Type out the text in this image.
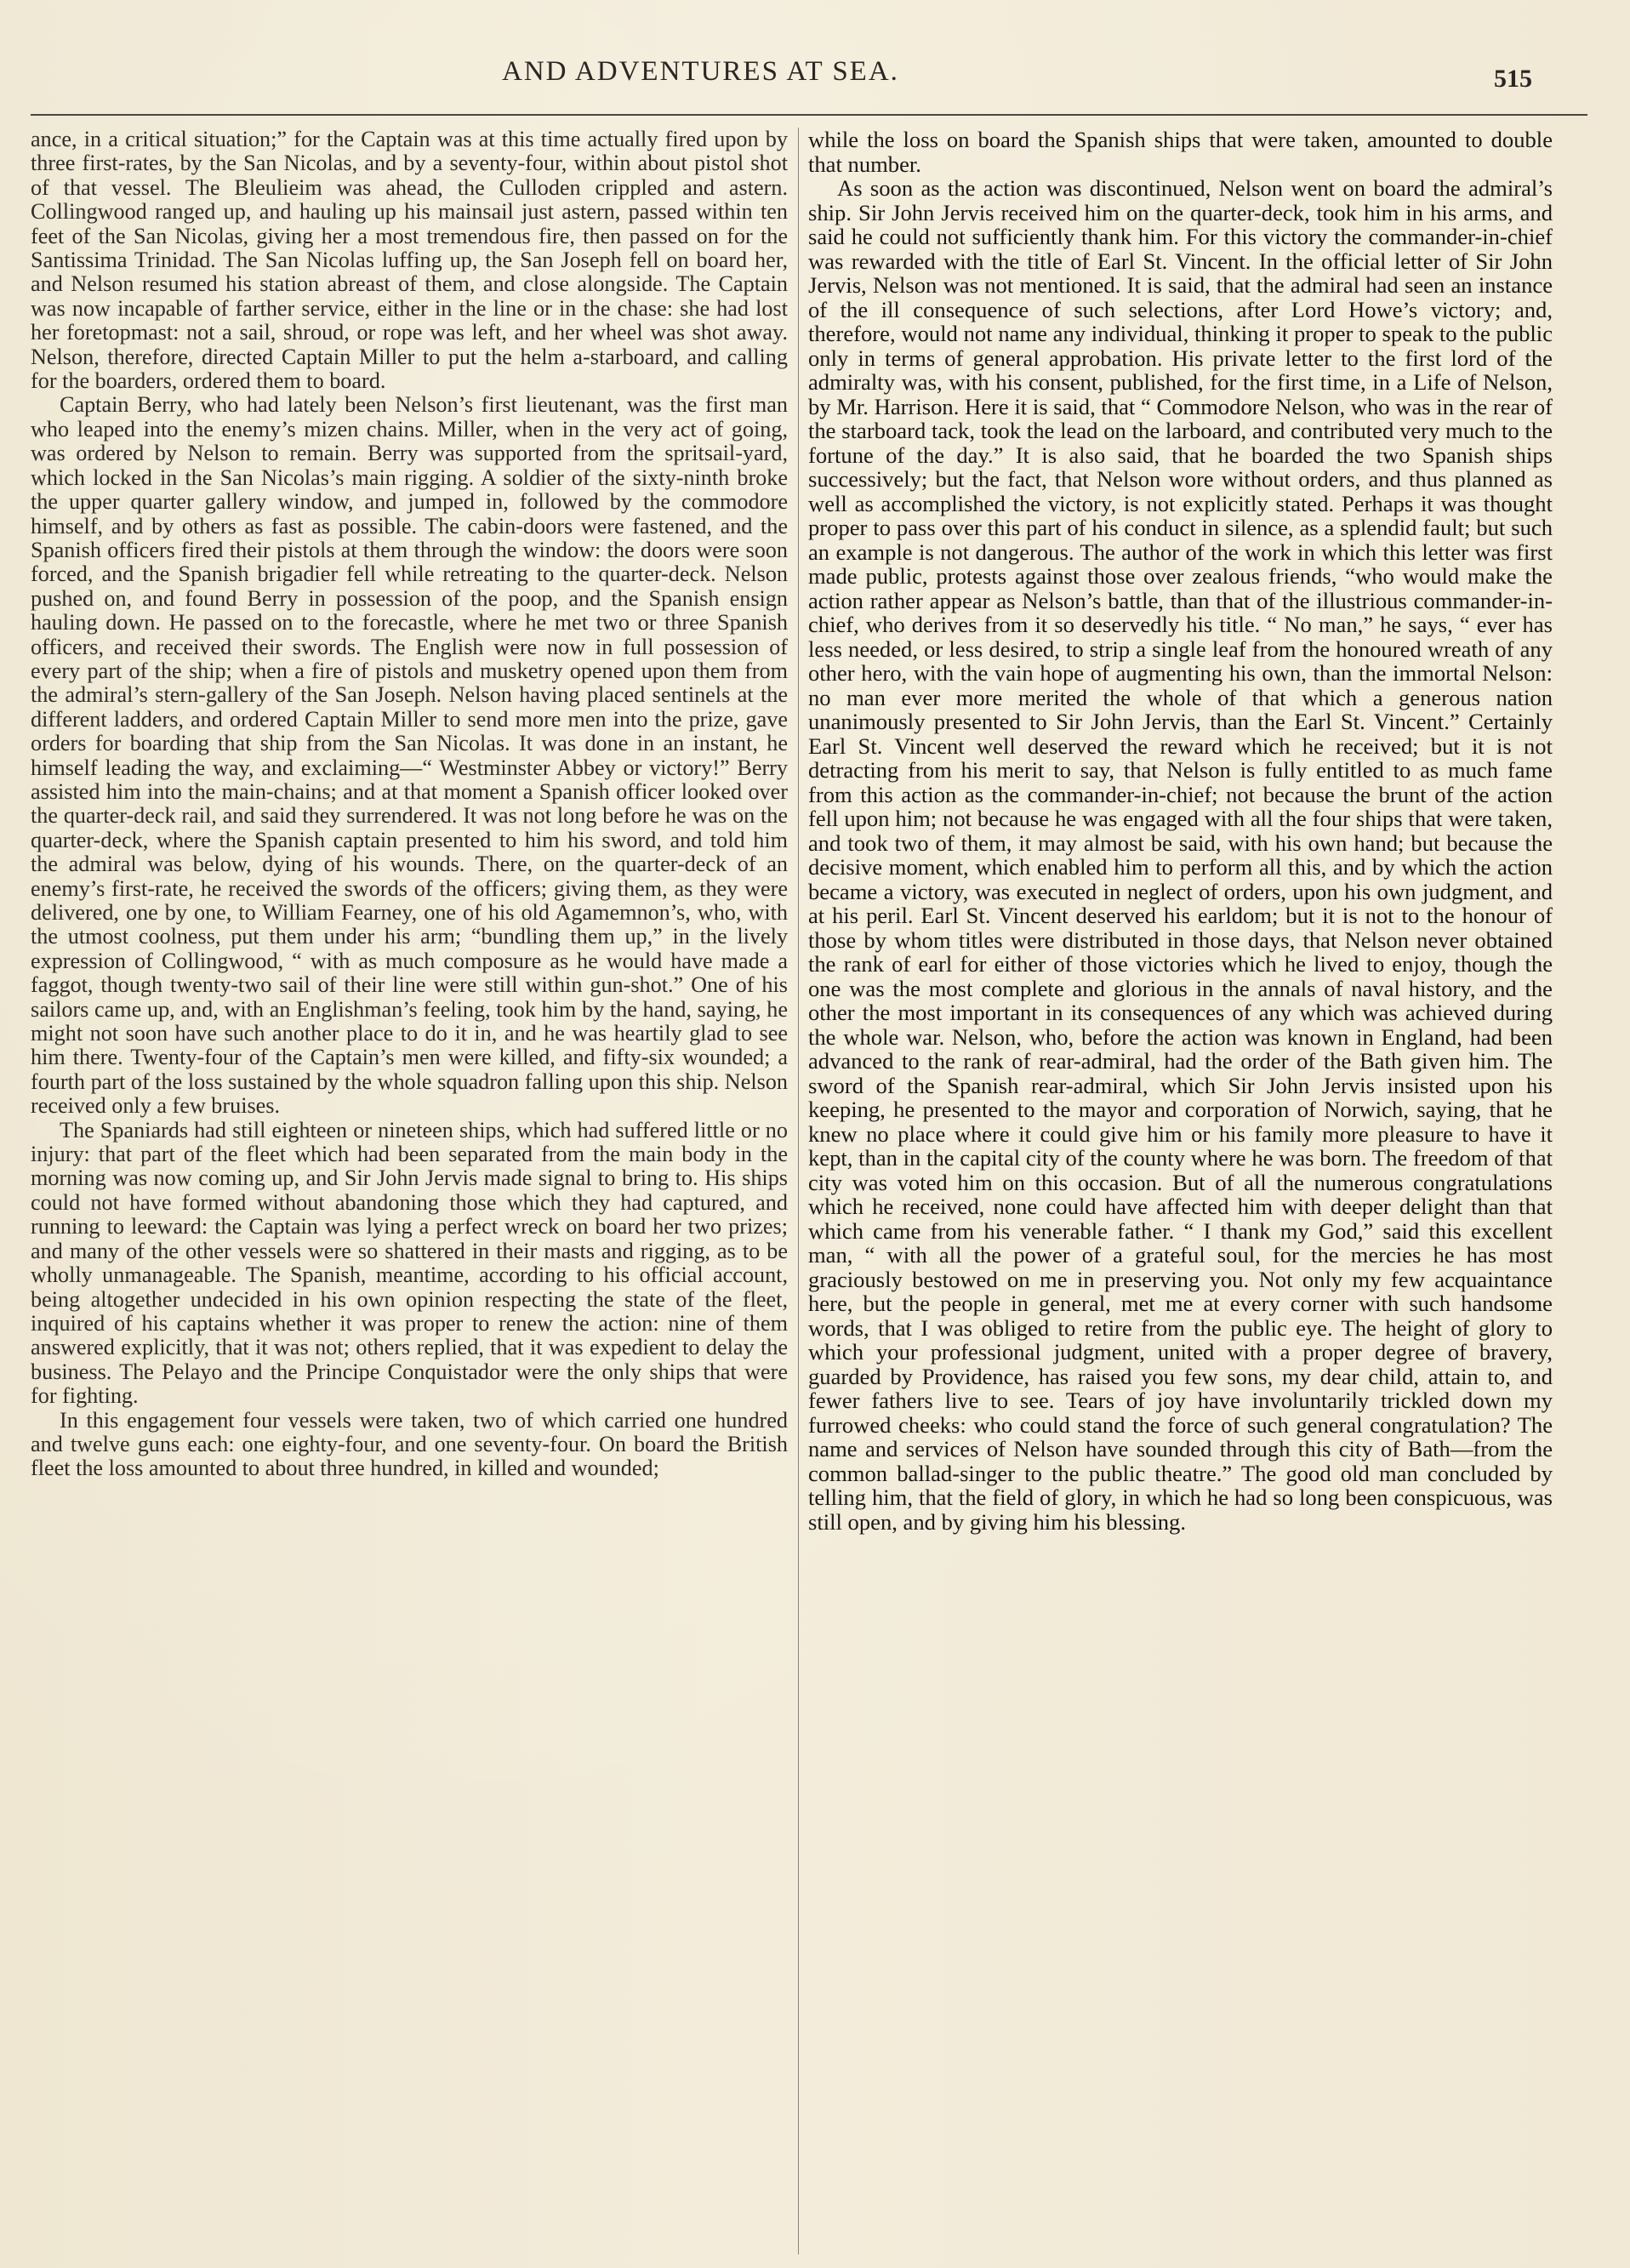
AND ADVENTURES AT SEA.	515

ance, in a critical situation;” for the Captain was at this time actually fired upon by three first-rates, by the San Nicolas, and by a seventy-four, within about pistol shot of that vessel. The Bleulieim was ahead, the Culloden crippled and astern. Collingwood ranged up, and hauling up his mainsail just astern, passed within ten feet of the San Nicolas, giving her a most tremendous fire, then passed on for the Santissima Trinidad. The San Nicolas luffing up, the San Joseph fell on board her, and Nelson resumed his station abreast of them, and close alongside. The Captain was now incapable of farther service, either in the line or in the chase: she had lost her foretopmast: not a sail, shroud, or rope was left, and her wheel was shot away. Nelson, therefore, directed Captain Miller to put the helm a-starboard, and calling for the boarders, ordered them to board.

Captain Berry, who had lately been Nelson’s first lieutenant, was the first man who leaped into the enemy’s mizen chains. Miller, when in the very act of going, was ordered by Nelson to remain. Berry was supported from the spritsail-yard, which locked in the San Nicolas’s main rigging. A soldier of the sixty-ninth broke the upper quarter gallery window, and jumped in, followed by the commodore himself, and by others as fast as possible. The cabin-doors were fastened, and the Spanish officers fired their pistols at them through the window: the doors were soon forced, and the Spanish brigadier fell while retreating to the quarter-deck. Nelson pushed on, and found Berry in possession of the poop, and the Spanish ensign hauling down. He passed on to the forecastle, where he met two or three Spanish officers, and received their swords. The English were now in full possession of every part of the ship; when a fire of pistols and musketry opened upon them from the admiral’s stern-gallery of the San Joseph. Nelson having placed sentinels at the different ladders, and ordered Captain Miller to send more men into the prize, gave orders for boarding that ship from the San Nicolas. It was done in an instant, he himself leading the way, and exclaiming—“ Westminster Abbey or victory!” Berry assisted him into the main-chains; and at that moment a Spanish officer looked over the quarter-deck rail, and said they surrendered. It was not long before he was on the quarter-deck, where the Spanish captain presented to him his sword, and told him the admiral was below, dying of his wounds. There, on the quarter-deck of an enemy’s first-rate, he received the swords of the officers; giving them, as they were delivered, one by one, to William Fearney, one of his old Agamemnon’s, who, with the utmost coolness, put them under his arm; “bundling them up,” in the lively expression of Collingwood, “ with as much composure as he would have made a faggot, though twenty-two sail of their line were still within gun-shot.” One of his sailors came up, and, with an Englishman’s feeling, took him by the hand, saying, he might not soon have such another place to do it in, and he was heartily glad to see him there. Twenty-four of the Captain’s men were killed, and fifty-six wounded; a fourth part of the loss sustained by the whole squadron falling upon this ship. Nelson received only a few bruises.

The Spaniards had still eighteen or nineteen ships, which had suffered little or no injury: that part of the fleet which had been separated from the main body in the morning was now coming up, and Sir John Jervis made signal to bring to. His ships could not have formed without abandoning those which they had captured, and running to leeward: the Captain was lying a perfect wreck on board her two prizes; and many of the other vessels were so shattered in their masts and rigging, as to be wholly unmanageable. The Spanish, meantime, according to his official account, being altogether undecided in his own opinion respecting the state of the fleet, inquired of his captains whether it was proper to renew the action: nine of them answered explicitly, that it was not; others replied, that it was expedient to delay the business. The Pelayo and the Principe Conquistador were the only ships that were for fighting.

In this engagement four vessels were taken, two of which carried one hundred and twelve guns each: one eighty-four, and one seventy-four. On board the British fleet the loss amounted to about three hundred, in killed and wounded;

while the loss on board the Spanish ships that were taken, amounted to double that number.

As soon as the action was discontinued, Nelson went on board the admiral’s ship. Sir John Jervis received him on the quarter-deck, took him in his arms, and said he could not sufficiently thank him. For this victory the commander-in-chief was rewarded with the title of Earl St. Vincent. In the official letter of Sir John Jervis, Nelson was not mentioned. It is said, that the admiral had seen an instance of the ill consequence of such selections, after Lord Howe’s victory; and, therefore, would not name any individual, thinking it proper to speak to the public only in terms of general approbation. His private letter to the first lord of the admiralty was, with his consent, published, for the first time, in a Life of Nelson, by Mr. Harrison. Here it is said, that “ Commodore Nelson, who was in the rear of the starboard tack, took the lead on the larboard, and contributed very much to the fortune of the day.” It is also said, that he boarded the two Spanish ships successively; but the fact, that Nelson wore without orders, and thus planned as well as accomplished the victory, is not explicitly stated. Perhaps it was thought proper to pass over this part of his conduct in silence, as a splendid fault; but such an example is not dangerous. The author of the work in which this letter was first made public, protests against those over zealous friends, “who would make the action rather appear as Nelson’s battle, than that of the illustrious commander-in-chief, who derives from it so deservedly his title. “ No man,” he says, “ ever has less needed, or less desired, to strip a single leaf from the honoured wreath of any other hero, with the vain hope of augmenting his own, than the immortal Nelson: no man ever more merited the whole of that which a generous nation unanimously presented to Sir John Jervis, than the Earl St. Vincent.” Certainly Earl St. Vincent well deserved the reward which he received; but it is not detracting from his merit to say, that Nelson is fully entitled to as much fame from this action as the commander-in-chief; not because the brunt of the action fell upon him; not because he was engaged with all the four ships that were taken, and took two of them, it may almost be said, with his own hand; but because the decisive moment, which enabled him to perform all this, and by which the action became a victory, was executed in neglect of orders, upon his own judgment, and at his peril. Earl St. Vincent deserved his earldom; but it is not to the honour of those by whom titles were distributed in those days, that Nelson never obtained the rank of earl for either of those victories which he lived to enjoy, though the one was the most complete and glorious in the annals of naval history, and the other the most important in its consequences of any which was achieved during the whole war. Nelson, who, before the action was known in England, had been advanced to the rank of rear-admiral, had the order of the Bath given him. The sword of the Spanish rear-admiral, which Sir John Jervis insisted upon his keeping, he presented to the mayor and corporation of Norwich, saying, that he knew no place where it could give him or his family more pleasure to have it kept, than in the capital city of the county where he was born. The freedom of that city was voted him on this occasion. But of all the numerous congratulations which he received, none could have affected him with deeper delight than that which came from his venerable father. “ I thank my God,” said this excellent man, “ with all the power of a grateful soul, for the mercies he has most graciously bestowed on me in preserving you. Not only my few acquaintance here, but the people in general, met me at every corner with such handsome words, that I was obliged to retire from the public eye. The height of glory to which your professional judgment, united with a proper degree of bravery, guarded by Providence, has raised you few sons, my dear child, attain to, and fewer fathers live to see. Tears of joy have involuntarily trickled down my furrowed cheeks: who could stand the force of such general congratulation? The name and services of Nelson have sounded through this city of Bath—from the common ballad-singer to the public theatre.” The good old man concluded by telling him, that the field of glory, in which he had so long been conspicuous, was still open, and by giving him his blessing.
